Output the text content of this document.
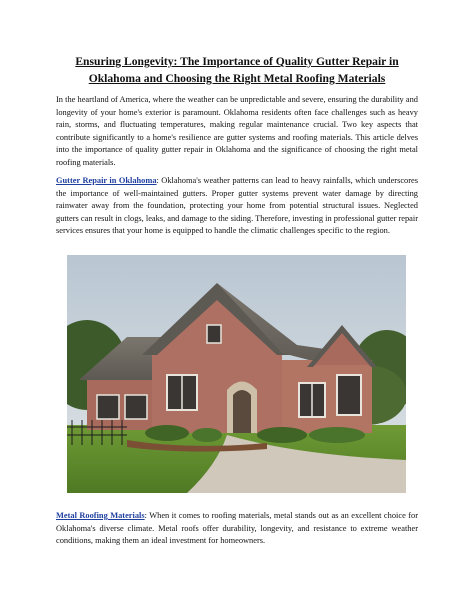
Ensuring Longevity: The Importance of Quality Gutter Repair in
Oklahoma and Choosing the Right Metal Roofing Materials

In the heartland of America, where the weather can be unpredictable and severe, ensuring the durability and longevity of your home's exterior is paramount. Oklahoma residents often face challenges such as heavy rain, storms, and fluctuating temperatures, making regular maintenance crucial. Two key aspects that contribute significantly to a home's resilience are gutter systems and roofing materials. This article delves into the importance of quality gutter repair in Oklahoma and the significance of choosing the right metal roofing materials.

Gutter Repair in Oklahoma: Oklahoma's weather patterns can lead to heavy rainfalls, which underscores the importance of well-maintained gutters. Proper gutter systems prevent water damage by directing rainwater away from the foundation, protecting your home from potential structural issues. Neglected gutters can result in clogs, leaks, and damage to the siding. Therefore, investing in professional gutter repair services ensures that your home is equipped to handle the climatic challenges specific to the region.

Metal Roofing Materials: When it comes to roofing materials, metal stands out as an excellent choice for Oklahoma's diverse climate. Metal roofs offer durability, longevity, and resistance to extreme weather conditions, making them an ideal investment for homeowners.
